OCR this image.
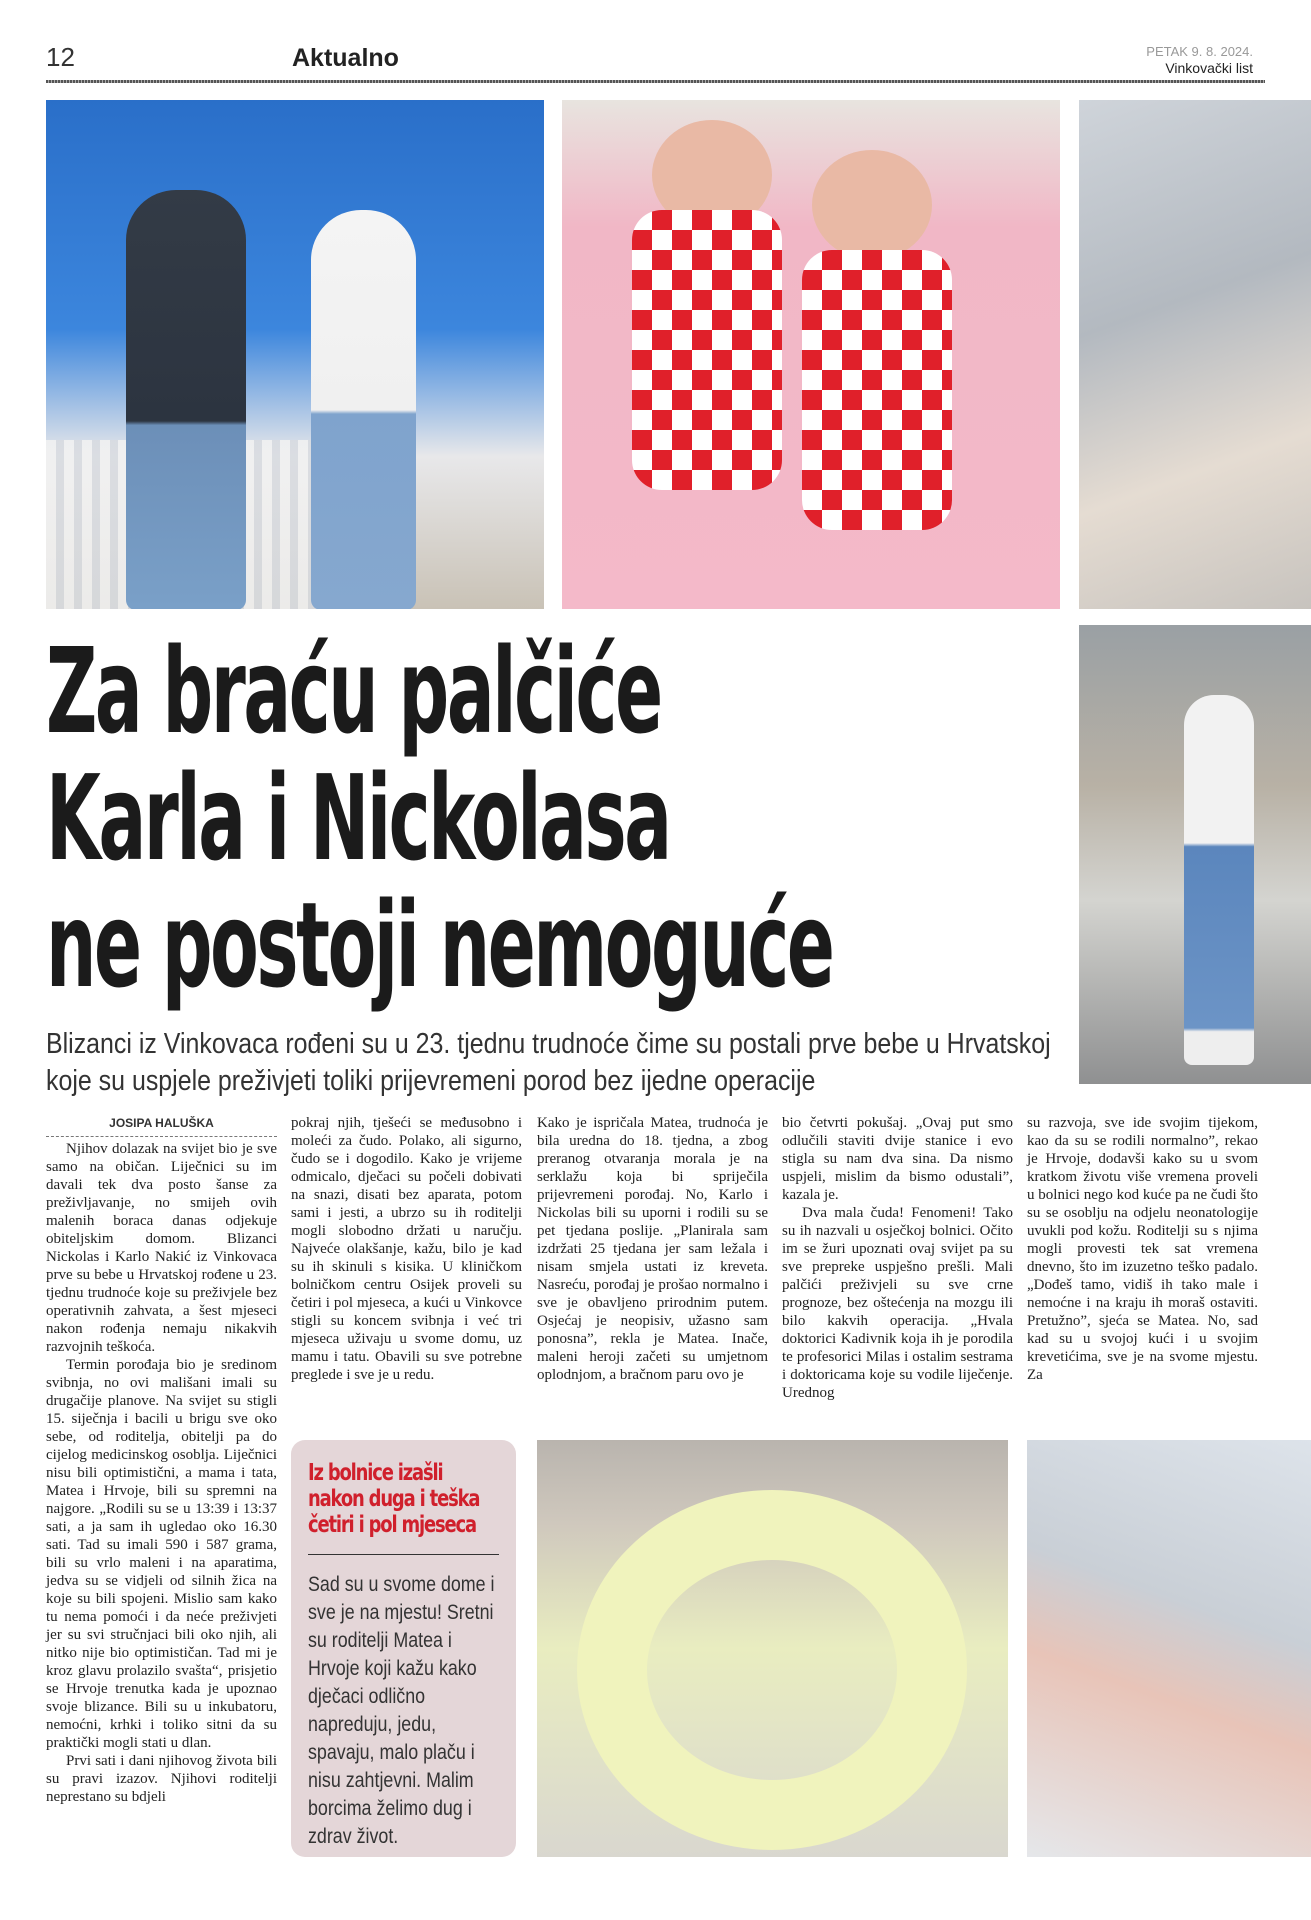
12	Aktualno	PETAK 9. 8. 2024.
Vinkovački list
Za braću palčiće
Karla i Nickolasa
ne postoji nemoguće
Blizanci iz Vinkovaca rođeni su u 23. tjednu trudnoće čime su postali prve bebe u Hrvatskoj koje su uspjele preživjeti toliki prijevremeni porod bez ijedne operacije
JOSIPA HALUŠKA

Njihov dolazak na svijet bio je sve samo na običan. Liječnici su im davali tek dva posto šanse za preživljavanje, no smijeh ovih malenih boraca danas odjekuje obiteljskim domom. Blizanci Nickolas i Karlo Nakić iz Vinkovaca prve su bebe u Hrvatskoj rođene u 23. tjednu trudnoće koje su preživjele bez operativnih zahvata, a šest mjeseci nakon rođenja nemaju nikakvih razvojnih teškoća.

Termin porođaja bio je sredinom svibnja, no ovi mališani imali su drugačije planove. Na svijet su stigli 15. siječnja i bacili u brigu sve oko sebe, od roditelja, obitelji pa do cijelog medicinskog osoblja. Liječnici nisu bili optimistični, a mama i tata, Matea i Hrvoje, bili su spremni na najgore. „Rodili su se u 13:39 i 13:37 sati, a ja sam ih ugledao oko 16.30 sati. Tad su imali 590 i 587 grama, bili su vrlo maleni i na aparatima, jedva su se vidjeli od silnih žica na koje su bili spojeni. Mislio sam kako tu nema pomoći i da neće preživjeti jer su svi stručnjaci bili oko njih, ali nitko nije bio optimističan. Tad mi je kroz glavu prolazilo svašta“, prisjetio se Hrvoje trenutka kada je upoznao svoje blizance. Bili su u inkubatoru, nemoćni, krhki i toliko sitni da su praktički mogli stati u dlan.

Prvi sati i dani njihovog života bili su pravi izazov. Njihovi roditelji neprestano su bdjeli

pokraj njih, tješeći se međusobno i moleći za čudo. Polako, ali sigurno, čudo se i dogodilo. Kako je vrijeme odmicalo, dječaci su počeli dobivati na snazi, disati bez aparata, potom sami i jesti, a ubrzo su ih roditelji mogli slobodno držati u naručju. Najveće olakšanje, kažu, bilo je kad su ih skinuli s kisika. U kliničkom bolničkom centru Osijek proveli su četiri i pol mjeseca, a kući u Vinkovce stigli su koncem svibnja i već tri mjeseca uživaju u svome domu, uz mamu i tatu. Obavili su sve potrebne preglede i sve je u redu.

Kako je ispričala Matea, trudnoća je bila uredna do 18. tjedna, a zbog preranog otvaranja morala je na serklažu koja bi spriječila prijevremeni porođaj. No, Karlo i Nickolas bili su uporni i rodili su se pet tjedana poslije. „Planirala sam izdržati 25 tjedana jer sam ležala i nisam smjela ustati iz kreveta. Nasreću, porođaj je prošao normalno i sve je obavljeno prirodnim putem. Osjećaj je neopisiv, užasno sam ponosna”, rekla je Matea. Inače, maleni heroji začeti su umjetnom oplodnjom, a bračnom paru ovo je

bio četvrti pokušaj. „Ovaj put smo odlučili staviti dvije stanice i evo stigla su nam dva sina. Da nismo uspjeli, mislim da bismo odustali”, kazala je.

Dva mala čuda! Fenomeni! Tako su ih nazvali u osječkoj bolnici. Očito im se žuri upoznati ovaj svijet pa su sve prepreke uspješno prešli. Mali palčići preživjeli su sve crne prognoze, bez oštećenja na mozgu ili bilo kakvih operacija. „Hvala doktorici Kadivnik koja ih je porodila te profesorici Milas i ostalim sestrama i doktoricama koje su vodile liječenje. Urednog

su razvoja, sve ide svojim tijekom, kao da su se rodili normalno”, rekao je Hrvoje, dodavši kako su u svom kratkom životu više vremena proveli u bolnici nego kod kuće pa ne čudi što su se osoblju na odjelu neonatologije uvukli pod kožu. Roditelji su s njima mogli provesti tek sat vremena dnevno, što im izuzetno teško padalo. „Dođeš tamo, vidiš ih tako male i nemoćne i na kraju ih moraš ostaviti. Pretužno”, sjeća se Matea. No, sad kad su u svojoj kući i u svojim krevetićima, sve je na svome mjestu. Za

Iz bolnice izašli nakon duga i teška četiri i pol mjeseca
Sad su u svome dome i sve je na mjestu! Sretni su roditelji Matea i Hrvoje koji kažu kako dječaci odlično napreduju, jedu, spavaju, malo plaču i nisu zahtjevni. Malim borcima želimo dug i zdrav život.
